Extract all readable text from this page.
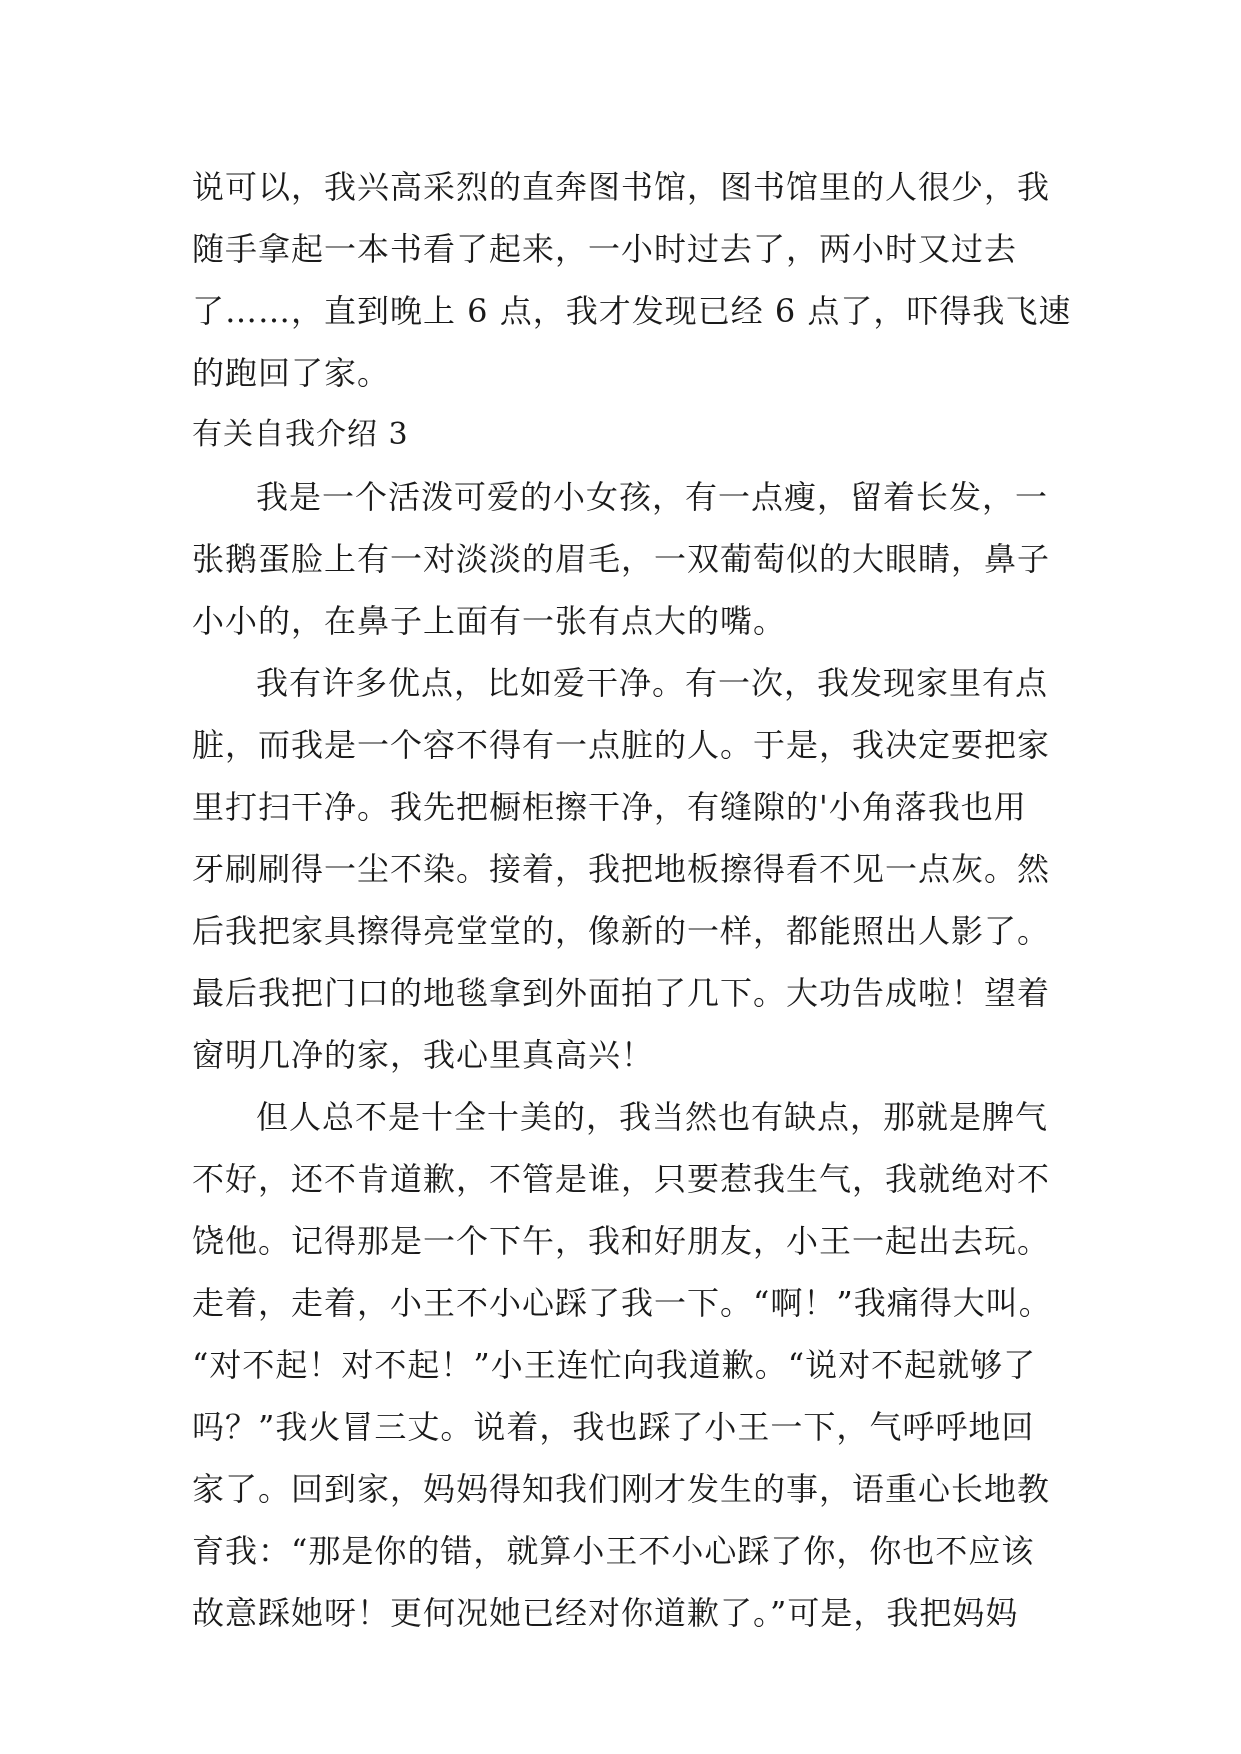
说可以，我兴高采烈的直奔图书馆，图书馆里的人很少，我
随手拿起一本书看了起来，一小时过去了，两小时又过去
了……，直到晚上 6 点，我才发现已经 6 点了，吓得我飞速
的跑回了家。
有关自我介绍 3
我是一个活泼可爱的小女孩，有一点瘦，留着长发，一
张鹅蛋脸上有一对淡淡的眉毛，一双葡萄似的大眼睛，鼻子
小小的，在鼻子上面有一张有点大的嘴。
我有许多优点，比如爱干净。有一次，我发现家里有点
脏，而我是一个容不得有一点脏的人。于是，我决定要把家
里打扫干净。我先把橱柜擦干净，有缝隙的'小角落我也用
牙刷刷得一尘不染。接着，我把地板擦得看不见一点灰。然
后我把家具擦得亮堂堂的，像新的一样，都能照出人影了。
最后我把门口的地毯拿到外面拍了几下。大功告成啦！望着
窗明几净的家，我心里真高兴！
但人总不是十全十美的，我当然也有缺点，那就是脾气
不好，还不肯道歉，不管是谁，只要惹我生气，我就绝对不
饶他。记得那是一个下午，我和好朋友，小王一起出去玩。
走着，走着，小王不小心踩了我一下。“啊！”我痛得大叫。
“对不起！对不起！”小王连忙向我道歉。“说对不起就够了
吗？”我火冒三丈。说着，我也踩了小王一下，气呼呼地回
家了。回到家，妈妈得知我们刚才发生的事，语重心长地教
育我：“那是你的错，就算小王不小心踩了你，你也不应该
故意踩她呀！更何况她已经对你道歉了。”可是，我把妈妈
